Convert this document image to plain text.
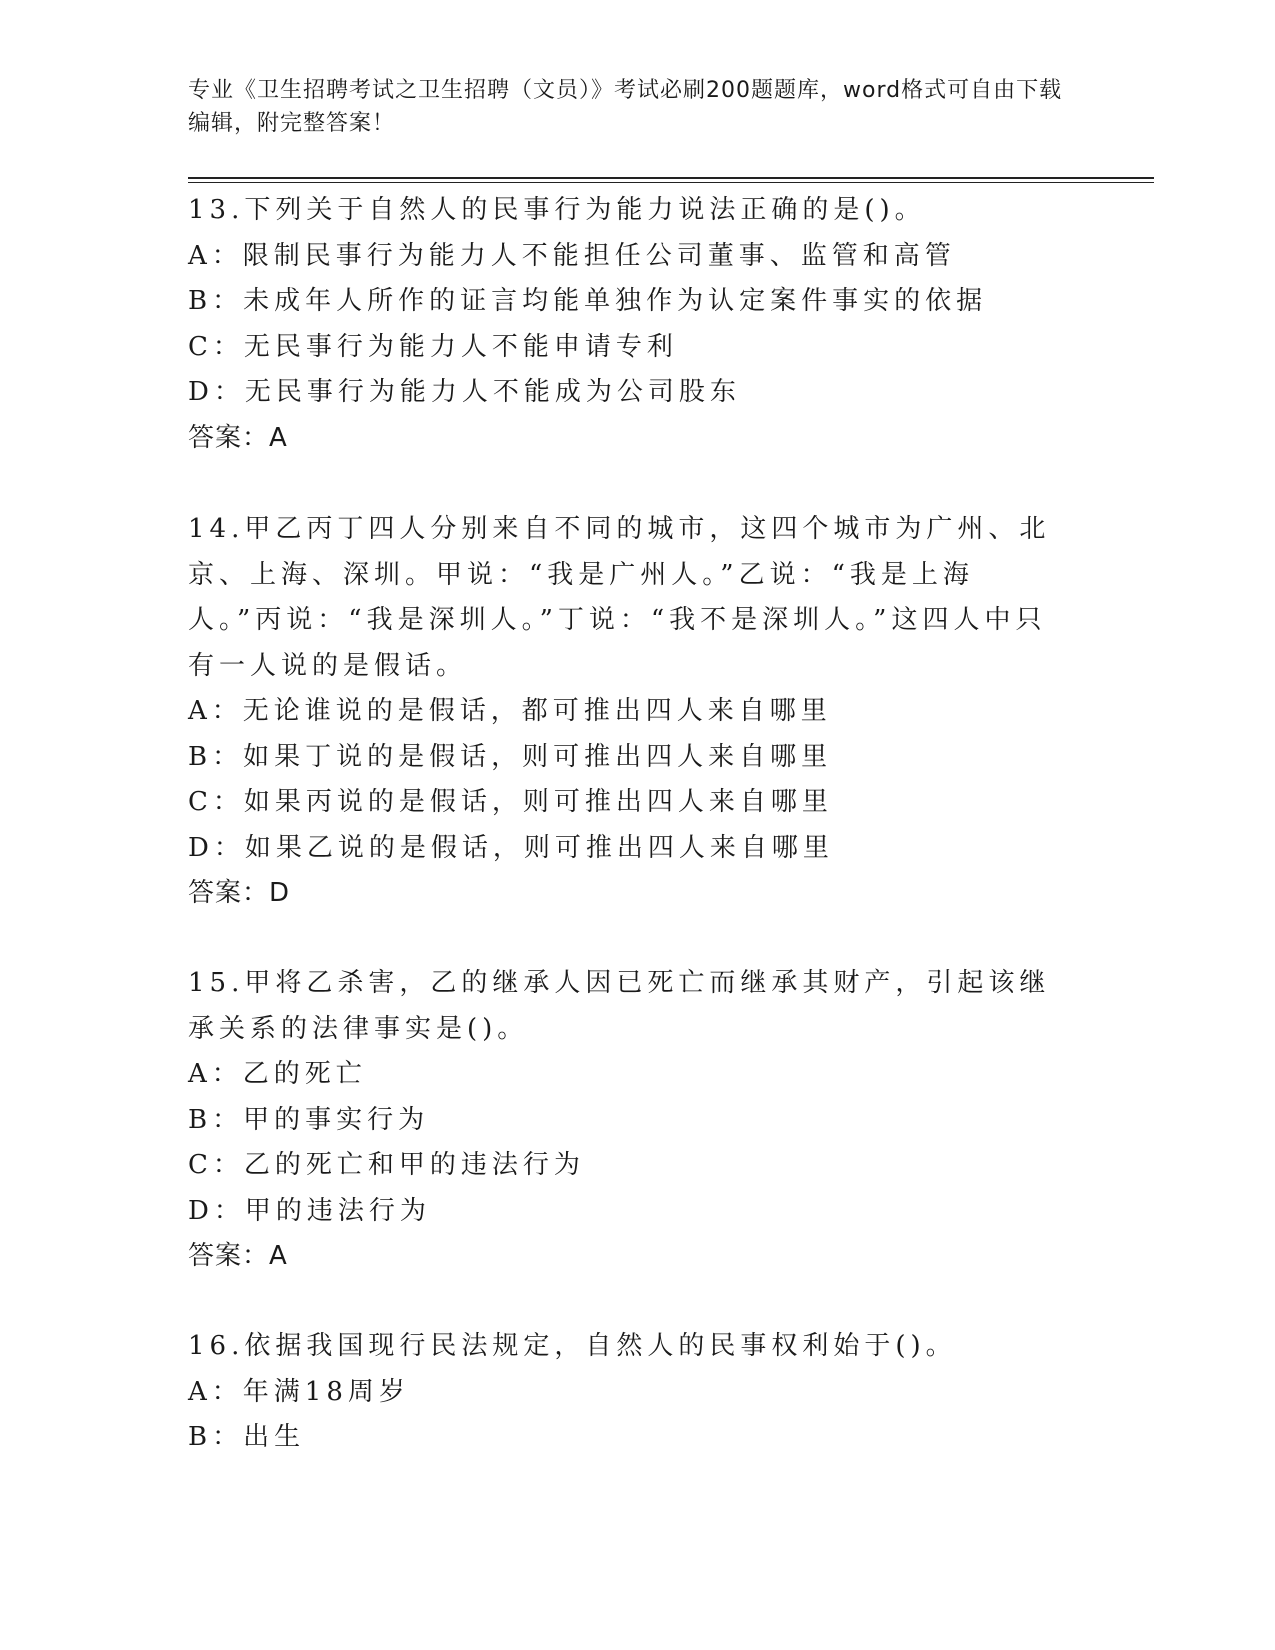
专业《卫生招聘考试之卫生招聘（文员）》考试必刷200题题库，word格式可自由下载编辑，附完整答案！
13.下列关于自然人的民事行为能力说法正确的是()。
A：限制民事行为能力人不能担任公司董事、监管和高管
B：未成年人所作的证言均能单独作为认定案件事实的依据
C：无民事行为能力人不能申请专利
D：无民事行为能力人不能成为公司股东
答案：A
14.甲乙丙丁四人分别来自不同的城市，这四个城市为广州、北京、上海、深圳。甲说：“我是广州人。”乙说：“我是上海人。”丙说：“我是深圳人。”丁说：“我不是深圳人。”这四人中只有一人说的是假话。
A：无论谁说的是假话，都可推出四人来自哪里
B：如果丁说的是假话，则可推出四人来自哪里
C：如果丙说的是假话，则可推出四人来自哪里
D：如果乙说的是假话，则可推出四人来自哪里
答案：D
15.甲将乙杀害，乙的继承人因已死亡而继承其财产，引起该继承关系的法律事实是()。
A：乙的死亡
B：甲的事实行为
C：乙的死亡和甲的违法行为
D：甲的违法行为
答案：A
16.依据我国现行民法规定，自然人的民事权利始于()。
A：年满18周岁
B：出生
